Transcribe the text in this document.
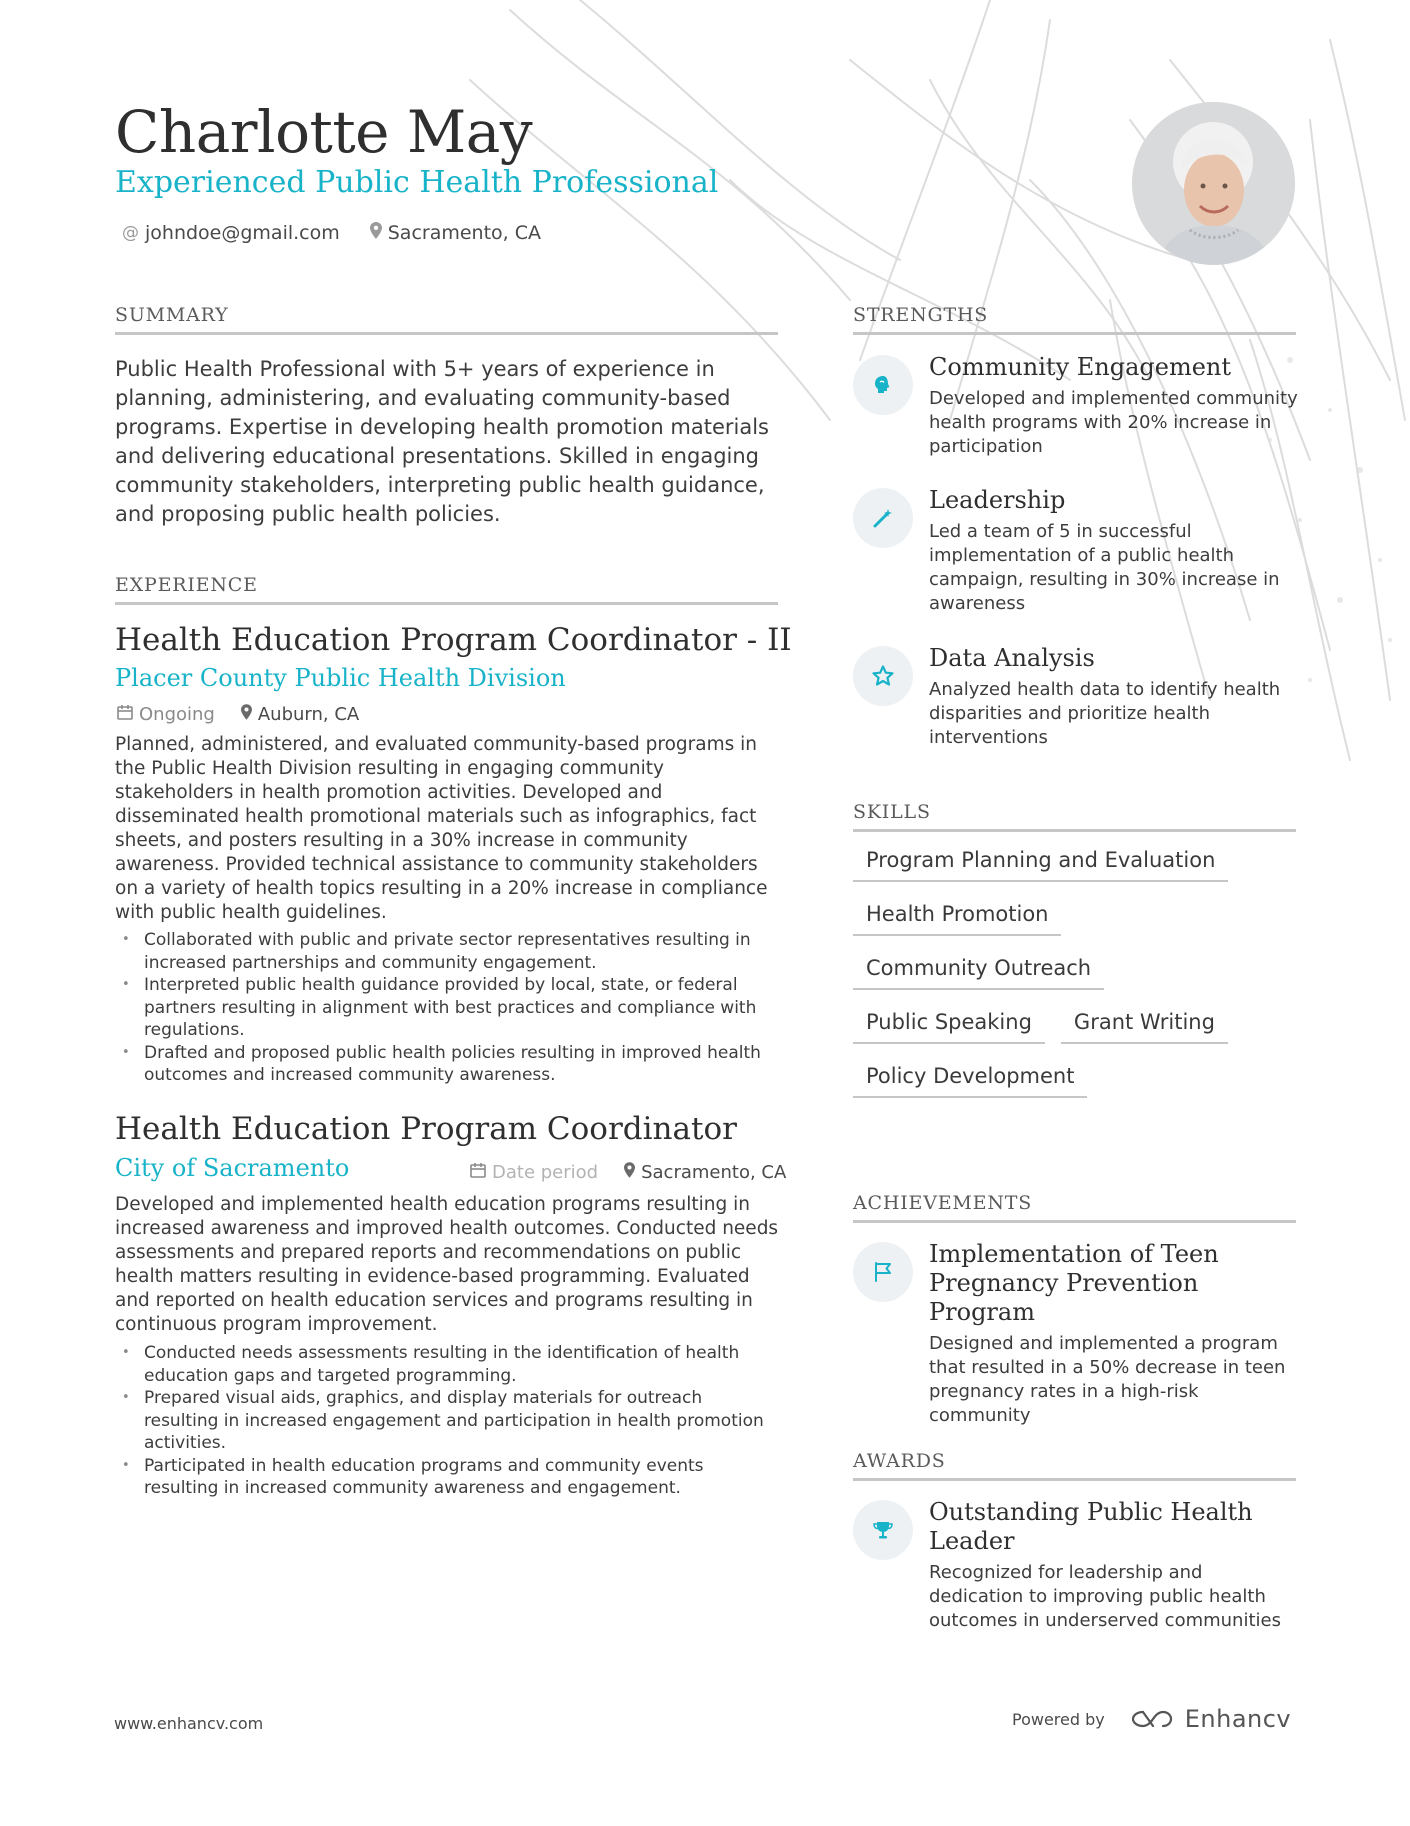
Charlotte May
Experienced Public Health Professional
@ johndoe@gmail.com	Sacramento, CA
SUMMARY

Public Health Professional with 5+ years of experience in planning, administering, and evaluating community-based programs. Expertise in developing health promotion materials and delivering educational presentations. Skilled in engaging community stakeholders, interpreting public health guidance, and proposing public health policies.

EXPERIENCE
Health Education Program Coordinator - II
Placer County Public Health Division
Ongoing Auburn, CA

Planned, administered, and evaluated community-based programs in the Public Health Division resulting in engaging community stakeholders in health promotion activities. Developed and disseminated health promotional materials such as infographics, fact sheets, and posters resulting in a 30% increase in community awareness. Provided technical assistance to community stakeholders on a variety of health topics resulting in a 20% increase in compliance with public health guidelines.

• Collaborated with public and private sector representatives resulting in increased partnerships and community engagement.
• Interpreted public health guidance provided by local, state, or federal partners resulting in alignment with best practices and compliance with regulations.
• Drafted and proposed public health policies resulting in improved health outcomes and increased community awareness.
Health Education Program Coordinator
City of Sacramento	Date period Sacramento, CA

Developed and implemented health education programs resulting in increased awareness and improved health outcomes. Conducted needs assessments and prepared reports and recommendations on public health matters resulting in evidence-based programming. Evaluated and reported on health education services and programs resulting in continuous program improvement.

• Conducted needs assessments resulting in the identification of health education gaps and targeted programming.
• Prepared visual aids, graphics, and display materials for outreach resulting in increased engagement and participation in health promotion activities.
• Participated in health education programs and community events resulting in increased community awareness and engagement.
STRENGTHS
Community Engagement

Developed and implemented community health programs with 20% increase in participation

Leadership

Led a team of 5 in successful implementation of a public health campaign, resulting in 30% increase in awareness

Data Analysis

Analyzed health data to identify health disparities and prioritize health interventions

SKILLS
Program Planning and Evaluation
Health Promotion
Community Outreach
Public Speaking	Grant Writing
Policy Development
ACHIEVEMENTS
Implementation of Teen Pregnancy Prevention Program

Designed and implemented a program that resulted in a 50% decrease in teen pregnancy rates in a high-risk community

AWARDS
Outstanding Public Health Leader

Recognized for leadership and dedication to improving public health outcomes in underserved communities

www.enhancv.com	Powered by	Enhancv
